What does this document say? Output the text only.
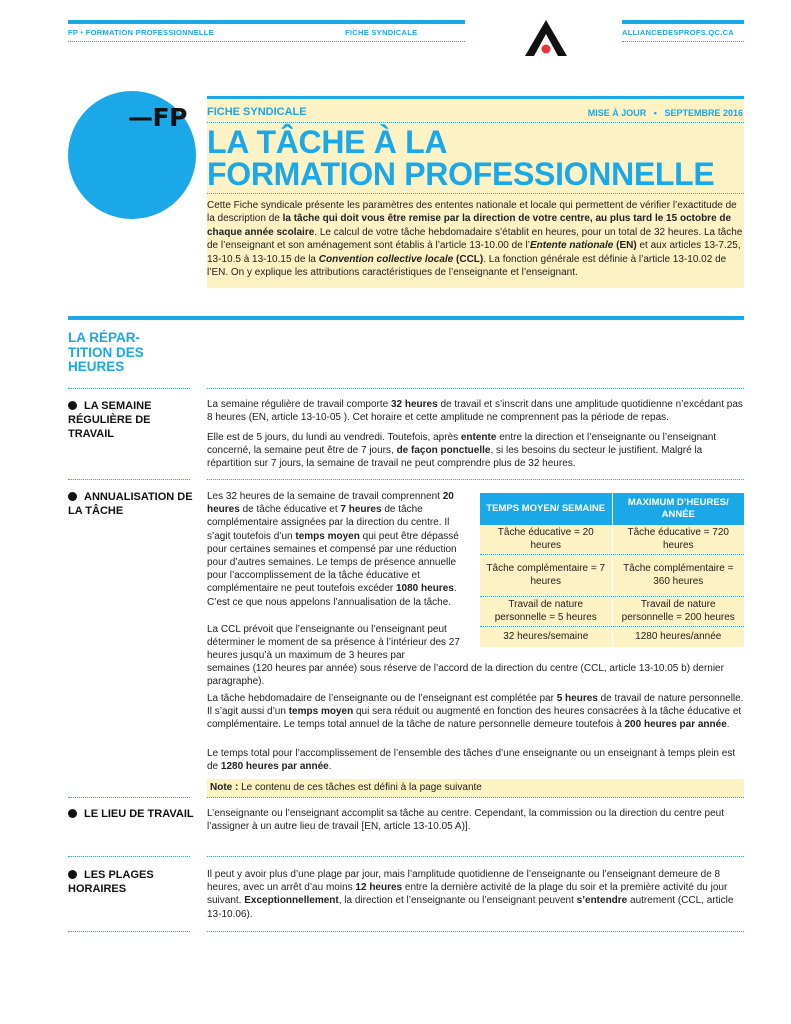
FP • FORMATION PROFESSIONNELLE	FICHE SYNDICALE	ALLIANCEDESPROFS.QC.CA
—FP FICHE SYNDICALE	MISE À JOUR   •   SEPTEMBRE 2016
LA TÂCHE À LA
FORMATION PROFESSIONNELLE
Cette Fiche syndicale présente les paramètres des ententes nationale et locale qui permettent de vérifier l’exactitude de la description de la tâche qui doit vous être remise par la direction de votre centre, au plus tard le 15 octobre de chaque année scolaire. Le calcul de votre tâche hebdomadaire s’établit en heures, pour un total de 32 heures. La tâche de l’enseignant et son aménagement sont établis à l’article 13-10.00 de l’Entente nationale (EN) et aux articles 13-7.25, 13-10.5 à 13-10.15 de la Convention collective locale (CCL). La fonction générale est définie à l’article 13-10.02 de l’EN. On y explique les attributions caractéristiques de l’enseignante et l’enseignant.
LA RÉPAR-TITION DES HEURES
LA SEMAINE RÉGULIÈRE DE TRAVAIL
La semaine régulière de travail comporte 32 heures de travail et s’inscrit dans une amplitude quotidienne n’excédant pas 8 heures (EN, article 13-10-05 ). Cet horaire et cette amplitude ne comprennent pas la période de repas.
Elle est de 5 jours, du lundi au vendredi. Toutefois, après entente entre la direction et l’enseignante ou l’enseignant concerné, la semaine peut être de 7 jours, de façon ponctuelle, si les besoins du secteur le justifient. Malgré la répartition sur 7 jours, la semaine de travail ne peut comprendre plus de 32 heures.
ANNUALISATION DE LA TÂCHE
Les 32 heures de la semaine de travail comprennent 20 heures de tâche éducative et 7 heures de tâche complémentaire assignées par la direction du centre. Il s’agit toutefois d’un temps moyen qui peut être dépassé pour certaines semaines et compensé par une réduction pour d’autres semaines. Le temps de présence annuelle pour l’accomplissement de la tâche éducative et complémentaire ne peut toutefois excéder 1080 heures. C’est ce que nous appelons l’annualisation de la tâche.
La CCL prévoit que l’enseignante ou l’enseignant peut déterminer le moment de sa présence à l’intérieur des 27 heures jusqu’à un maximum de 3 heures par
semaines (120 heures par année) sous réserve de l’accord de la direction du centre (CCL, article 13-10.05 b) dernier paragraphe).
TEMPS MOYEN/ SEMAINE	MAXIMUM D’HEURES/ ANNÉE
Tâche éducative = 20 heures	Tâche éducative = 720 heures
Tâche complémentaire = 7 heures	Tâche complémentaire = 360 heures
Travail de nature personnelle = 5 heures	Travail de nature personnelle = 200 heures
32 heures/semaine	1280 heures/année
La tâche hebdomadaire de l’enseignante ou de l’enseignant est complétée par 5 heures de travail de nature personnelle. Il s’agit aussi d’un temps moyen qui sera réduit ou augmenté en fonction des heures consacrées à la tâche éducative et complémentaire. Le temps total annuel de la tâche de nature personnelle demeure toutefois à 200 heures par année.
Le temps total pour l’accomplissement de l’ensemble des tâches d’une enseignante ou un enseignant à temps plein est de 1280 heures par année.
Note : Le contenu de ces tâches est défini à la page suivante
LE LIEU DE TRAVAIL L’enseignante ou l’enseignant accomplit sa tâche au centre. Cependant, la commission ou la direction du centre peut l’assigner à un autre lieu de travail [EN, article 13-10.05 A)].
LES PLAGES HORAIRES
Il peut y avoir plus d’une plage par jour, mais l’amplitude quotidienne de l’enseignante ou l’enseignant demeure de 8 heures, avec un arrêt d’au moins 12 heures entre la dernière activité de la plage du soir et la première activité du jour suivant. Exceptionnellement, la direction et l’enseignante ou l’enseignant peuvent s’entendre autrement (CCL, article 13-10.06).
